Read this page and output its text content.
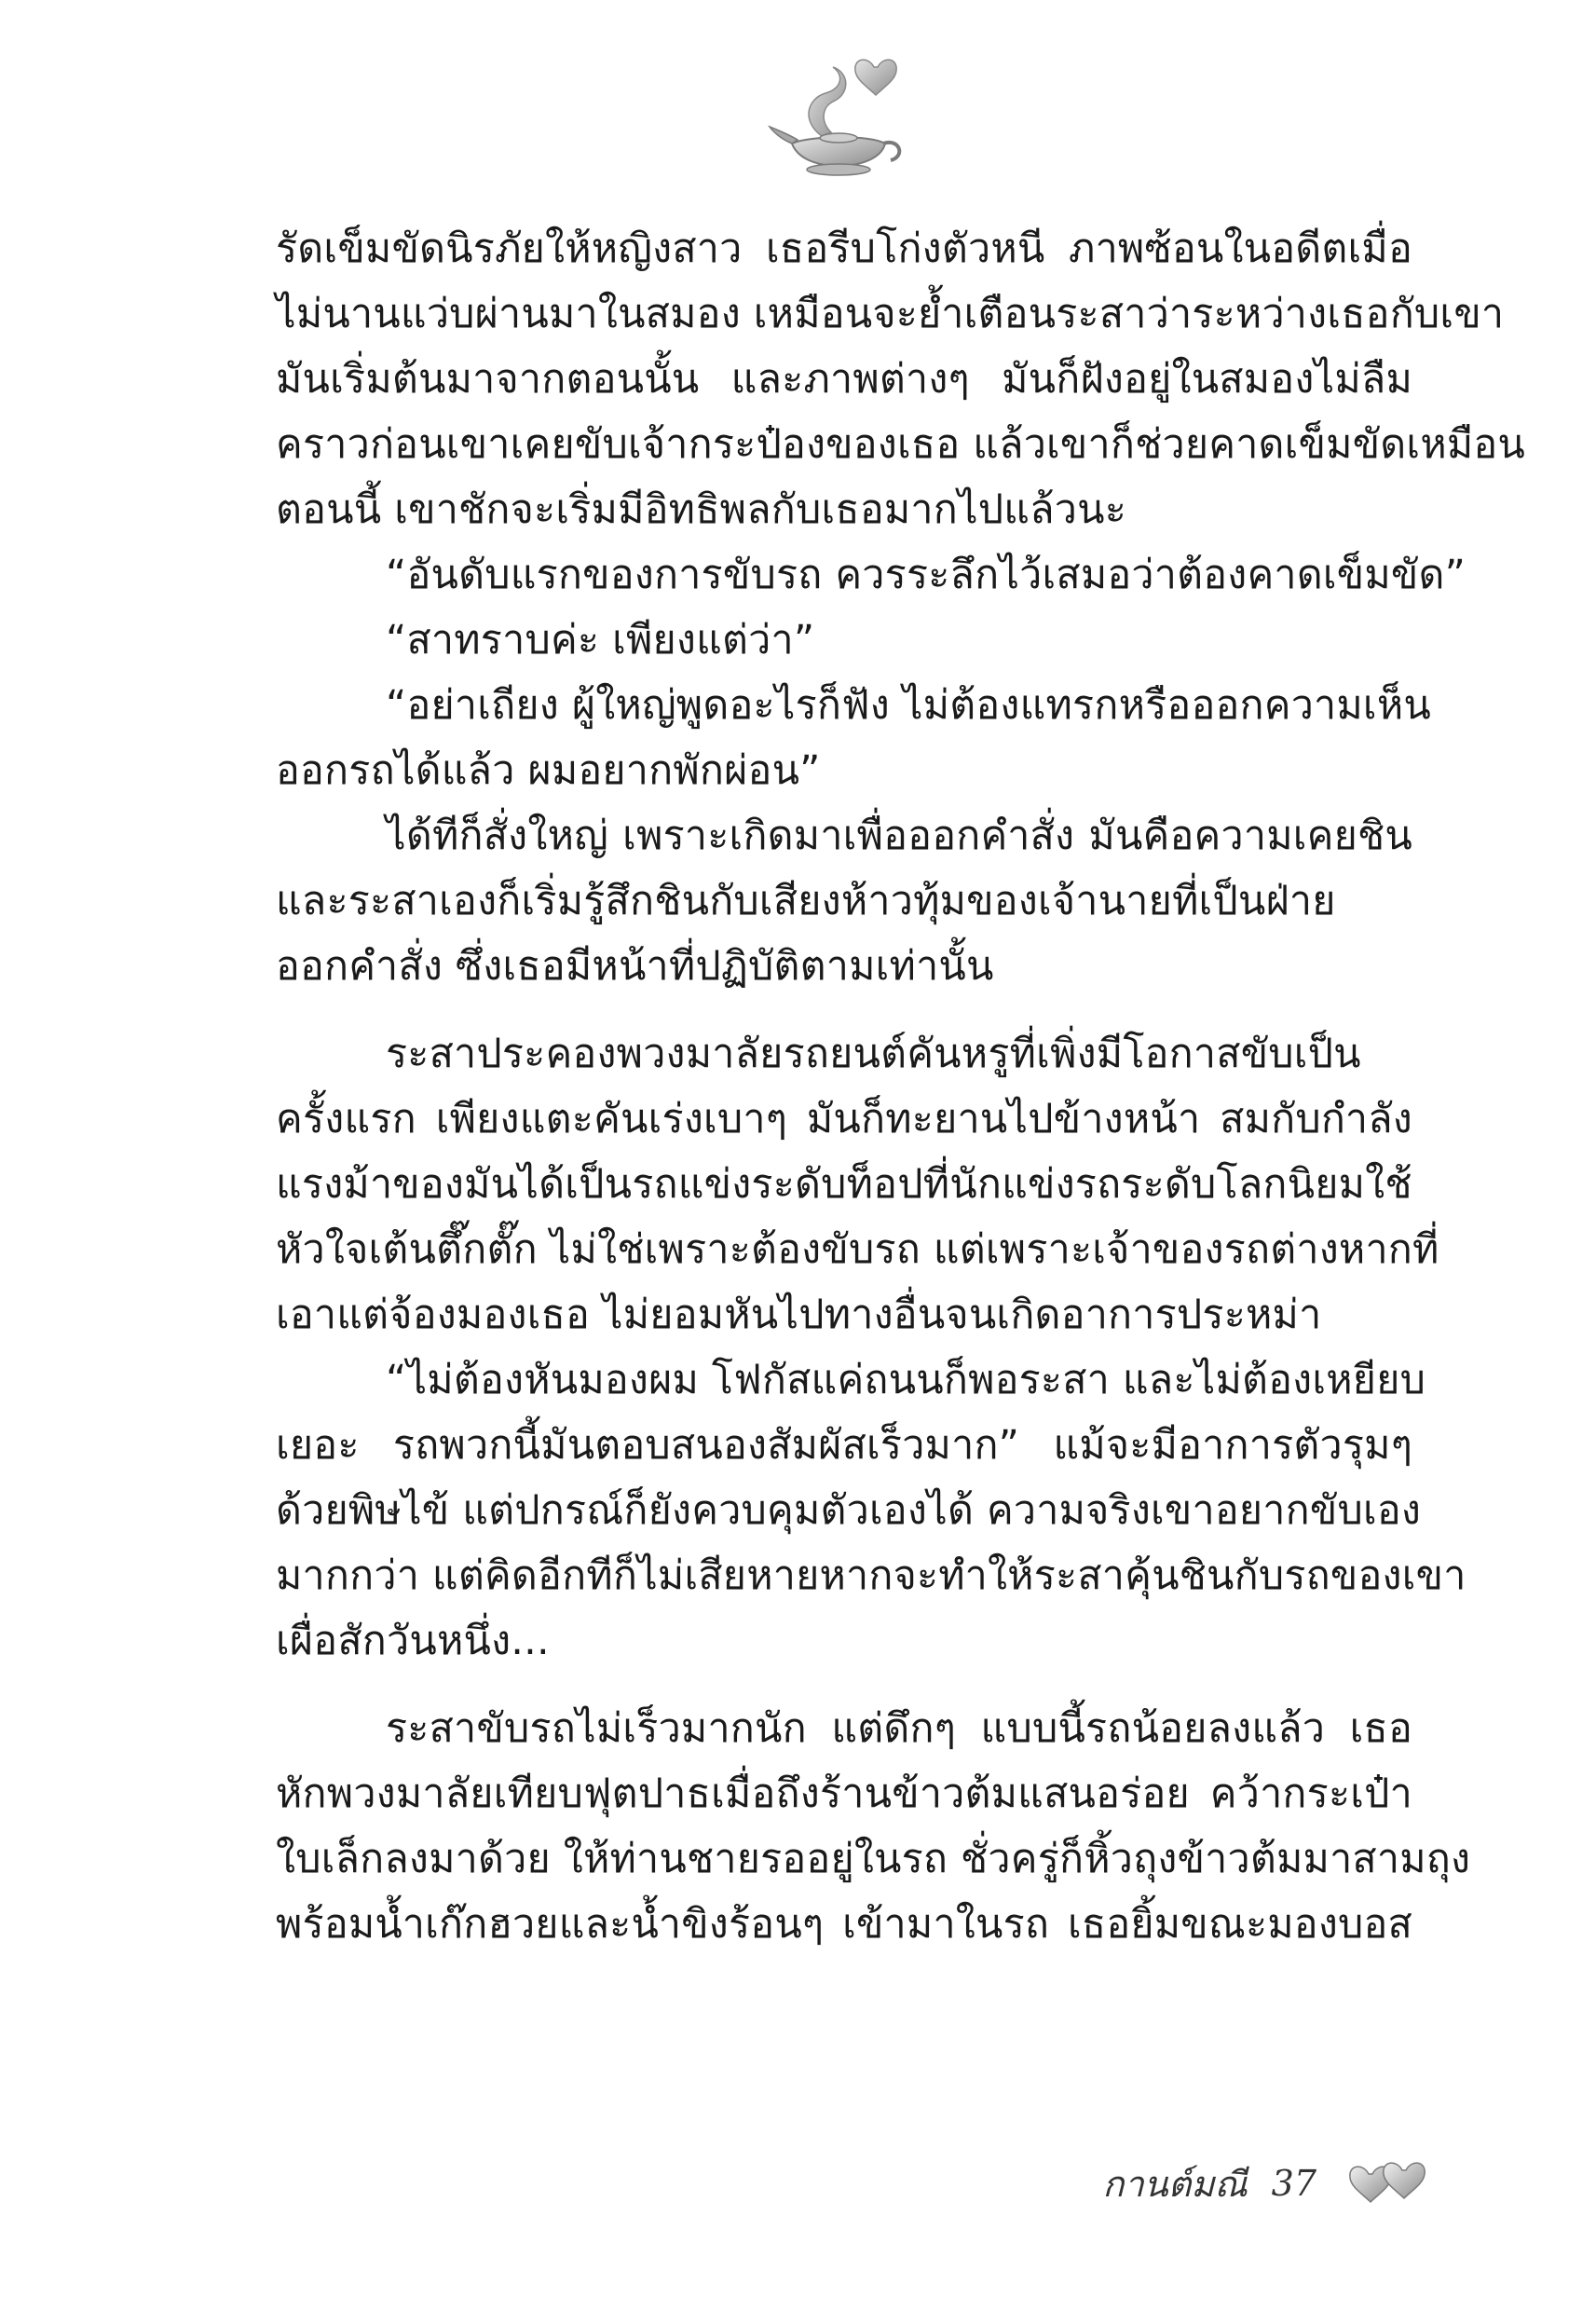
รัดเข็มขัดนิรภัยให้หญิงสาว เธอรีบโก่งตัวหนี ภาพซ้อนในอดีตเมื่อ
ไม่นานแว่บผ่านมาในสมอง เหมือนจะย้ำเตือนระสาว่าระหว่างเธอกับเขา
มันเริ่มต้นมาจากตอนนั้น และภาพต่างๆ มันก็ฝังอยู่ในสมองไม่ลืม
คราวก่อนเขาเคยขับเจ้ากระป๋องของเธอ แล้วเขาก็ช่วยคาดเข็มขัดเหมือน
ตอนนี้ เขาชักจะเริ่มมีอิทธิพลกับเธอมากไปแล้วนะ
“อันดับแรกของการขับรถ ควรระลึกไว้เสมอว่าต้องคาดเข็มขัด”
“สาทราบค่ะ เพียงแต่ว่า”
“อย่าเถียง ผู้ใหญ่พูดอะไรก็ฟัง ไม่ต้องแทรกหรือออกความเห็น
ออกรถได้แล้ว ผมอยากพักผ่อน”
ได้ทีก็สั่งใหญ่ เพราะเกิดมาเพื่อออกคำสั่ง มันคือความเคยชิน
และระสาเองก็เริ่มรู้สึกชินกับเสียงห้าวทุ้มของเจ้านายที่เป็นฝ่าย
ออกคำสั่ง ซึ่งเธอมีหน้าที่ปฏิบัติตามเท่านั้น
ระสาประคองพวงมาลัยรถยนต์คันหรูที่เพิ่งมีโอกาสขับเป็น
ครั้งแรก เพียงแตะคันเร่งเบาๆ มันก็ทะยานไปข้างหน้า สมกับกำลัง
แรงม้าของมันได้เป็นรถแข่งระดับท็อปที่นักแข่งรถระดับโลกนิยมใช้
หัวใจเต้นตึ๊กตั๊ก ไม่ใช่เพราะต้องขับรถ แต่เพราะเจ้าของรถต่างหากที่
เอาแต่จ้องมองเธอ ไม่ยอมหันไปทางอื่นจนเกิดอาการประหม่า
“ไม่ต้องหันมองผม โฟกัสแค่ถนนก็พอระสา และไม่ต้องเหยียบ
เยอะ รถพวกนี้มันตอบสนองสัมผัสเร็วมาก” แม้จะมีอาการตัวรุมๆ
ด้วยพิษไข้ แต่ปกรณ์ก็ยังควบคุมตัวเองได้ ความจริงเขาอยากขับเอง
มากกว่า แต่คิดอีกทีก็ไม่เสียหายหากจะทำให้ระสาคุ้นชินกับรถของเขา
เผื่อสักวันหนึ่ง...
ระสาขับรถไม่เร็วมากนัก แต่ดึกๆ แบบนี้รถน้อยลงแล้ว เธอ
หักพวงมาลัยเทียบฟุตปาธเมื่อถึงร้านข้าวต้มแสนอร่อย คว้ากระเป๋า
ใบเล็กลงมาด้วย ให้ท่านชายรออยู่ในรถ ชั่วครู่ก็หิ้วถุงข้าวต้มมาสามถุง
พร้อมน้ำเก๊กฮวยและน้ำขิงร้อนๆ เข้ามาในรถ เธอยิ้มขณะมองบอส
กานต์มณี 37
